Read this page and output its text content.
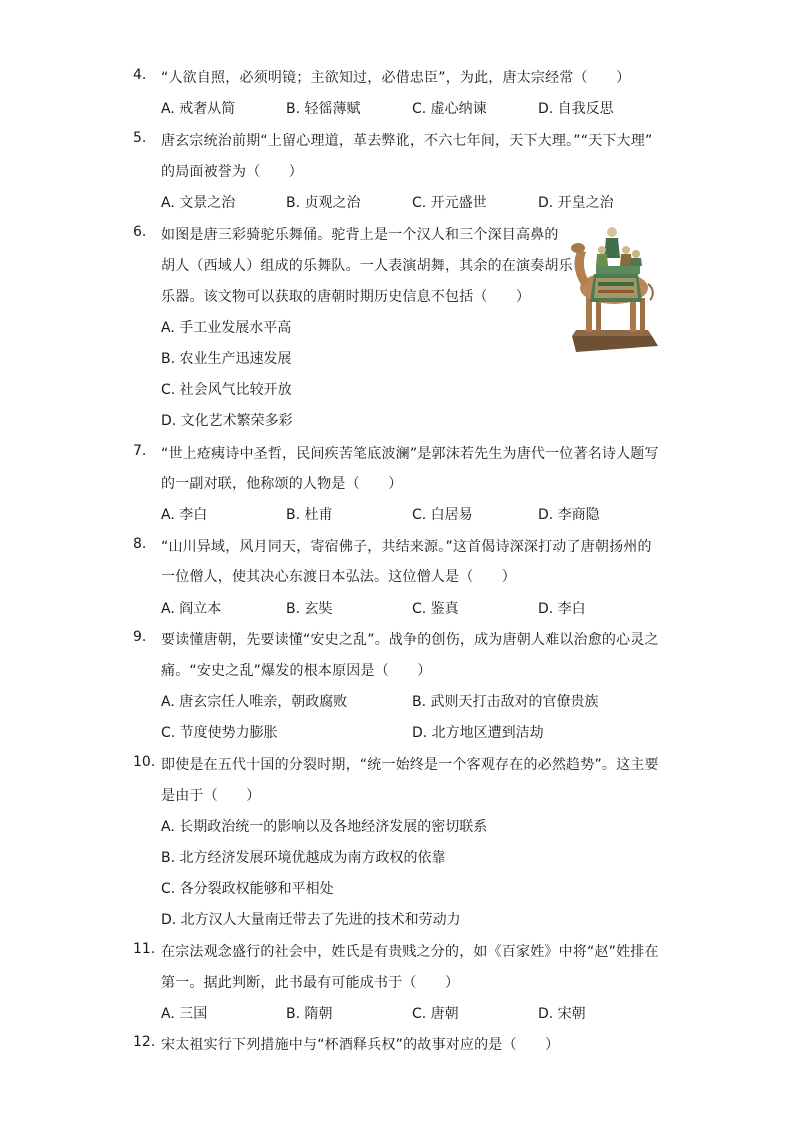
4.	“人欲自照，必须明镜；主欲知过，必借忠臣”，为此，唐太宗经常（　　）
A. 戒奢从简	B. 轻徭薄赋	C. 虚心纳谏	D. 自我反思
5.	唐玄宗统治前期“上留心理道，革去弊讹，不六七年间，天下大理。”“天下大理”
的局面被誉为（　　）
A. 文景之治	B. 贞观之治	C. 开元盛世	D. 开皇之治
6.	如图是唐三彩骑驼乐舞俑。驼背上是一个汉人和三个深目高鼻的
胡人（西域人）组成的乐舞队。一人表演胡舞，其余的在演奏胡乐
乐器。该文物可以获取的唐朝时期历史信息不包括（　　）
A. 手工业发展水平高
B. 农业生产迅速发展
C. 社会风气比较开放
D. 文化艺术繁荣多彩
7.	“世上疮痍诗中圣哲，民间疾苦笔底波澜”是郭沫若先生为唐代一位著名诗人题写
的一副对联，他称颂的人物是（　　）
A. 李白	B. 杜甫	C. 白居易	D. 李商隐
8.	“山川异域，风月同天，寄宿佛子，共结来源。”这首偈诗深深打动了唐朝扬州的
一位僧人，使其决心东渡日本弘法。这位僧人是（　　）
A. 阎立本	B. 玄奘	C. 鉴真	D. 李白
9.	要读懂唐朝，先要读懂“安史之乱”。战争的创伤，成为唐朝人难以治愈的心灵之
痛。“安史之乱”爆发的根本原因是（　　）
A. 唐玄宗任人唯亲，朝政腐败	B. 武则天打击敌对的官僚贵族
C. 节度使势力膨胀	D. 北方地区遭到洁劫
10. 即使是在五代十国的分裂时期，“统一始终是一个客观存在的必然趋势”。这主要
是由于（　　）
A. 长期政治统一的影响以及各地经济发展的密切联系
B. 北方经济发展环境优越成为南方政权的依靠
C. 各分裂政权能够和平相处
D. 北方汉人大量南迁带去了先进的技术和劳动力
11. 在宗法观念盛行的社会中，姓氏是有贵贱之分的，如《百家姓》中将“赵”姓排在
第一。据此判断，此书最有可能成书于（　　）
A. 三国	B. 隋朝	C. 唐朝	D. 宋朝
12. 宋太祖实行下列措施中与“杯酒释兵权”的故事对应的是（　　）
